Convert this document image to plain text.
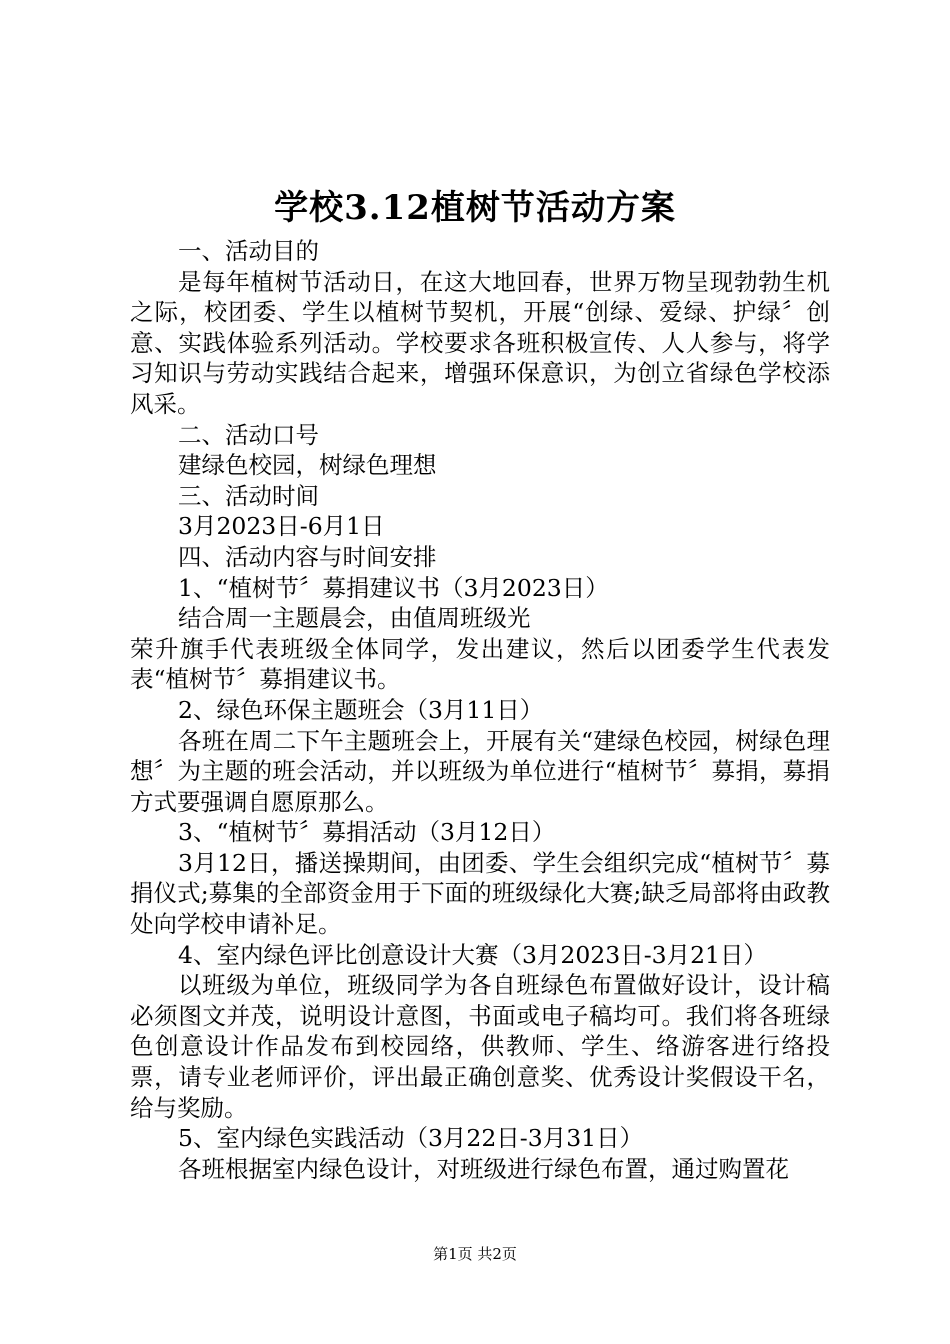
学校3.12植树节活动方案

一、活动目的

是每年植树节活动日，在这大地回春，世界万物呈现勃勃生机之际，校团委、学生以植树节契机，开展“创绿、爱绿、护绿〞创意、实践体验系列活动。学校要求各班积极宣传、人人参与，将学习知识与劳动实践结合起来，增强环保意识，为创立省绿色学校添风采。

二、活动口号

建绿色校园，树绿色理想

三、活动时间

3月2023日-6月1日

四、活动内容与时间安排

1、“植树节〞募捐建议书（3月2023日）

结合周一主题晨会，由值周班级光

荣升旗手代表班级全体同学，发出建议，然后以团委学生代表发表“植树节〞募捐建议书。

2、绿色环保主题班会（3月11日）

各班在周二下午主题班会上，开展有关“建绿色校园，树绿色理想〞为主题的班会活动，并以班级为单位进行“植树节〞募捐，募捐方式要强调自愿原那么。

3、“植树节〞募捐活动（3月12日）

3月12日，播送操期间，由团委、学生会组织完成“植树节〞募捐仪式;募集的全部资金用于下面的班级绿化大赛;缺乏局部将由政教处向学校申请补足。

4、室内绿色评比创意设计大赛（3月2023日-3月21日）

以班级为单位，班级同学为各自班绿色布置做好设计，设计稿必须图文并茂，说明设计意图，书面或电子稿均可。我们将各班绿色创意设计作品发布到校园络，供教师、学生、络游客进行络投票，请专业老师评价，评出最正确创意奖、优秀设计奖假设干名，给与奖励。

5、室内绿色实践活动（3月22日-3月31日）

各班根据室内绿色设计，对班级进行绿色布置，通过购置花

第1页 共2页
